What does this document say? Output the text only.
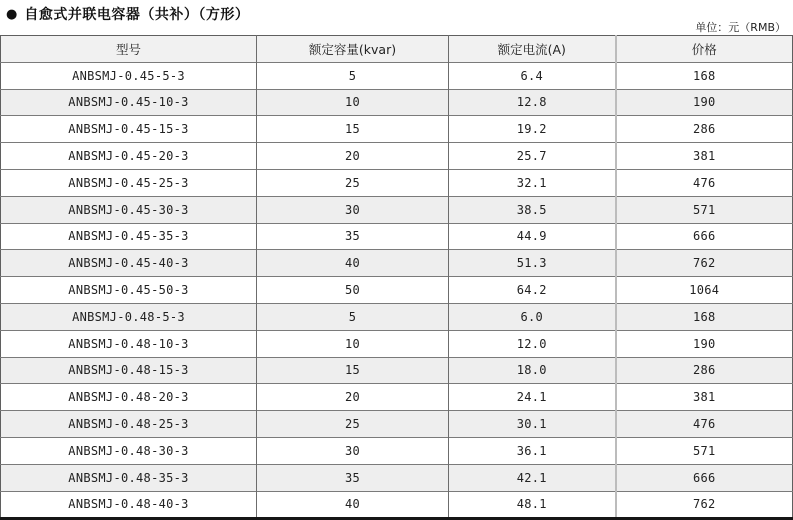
● 自愈式并联电容器（共补）（方形）
单位：元（RMB）
型号	额定容量(kvar)	额定电流(A)	价格
ANBSMJ-0.45-5-3	5	6.4	168
ANBSMJ-0.45-10-3	10	12.8	190
ANBSMJ-0.45-15-3	15	19.2	286
ANBSMJ-0.45-20-3	20	25.7	381
ANBSMJ-0.45-25-3	25	32.1	476
ANBSMJ-0.45-30-3	30	38.5	571
ANBSMJ-0.45-35-3	35	44.9	666
ANBSMJ-0.45-40-3	40	51.3	762
ANBSMJ-0.45-50-3	50	64.2	1064
ANBSMJ-0.48-5-3	5	6.0	168
ANBSMJ-0.48-10-3	10	12.0	190
ANBSMJ-0.48-15-3	15	18.0	286
ANBSMJ-0.48-20-3	20	24.1	381
ANBSMJ-0.48-25-3	25	30.1	476
ANBSMJ-0.48-30-3	30	36.1	571
ANBSMJ-0.48-35-3	35	42.1	666
ANBSMJ-0.48-40-3	40	48.1	762
